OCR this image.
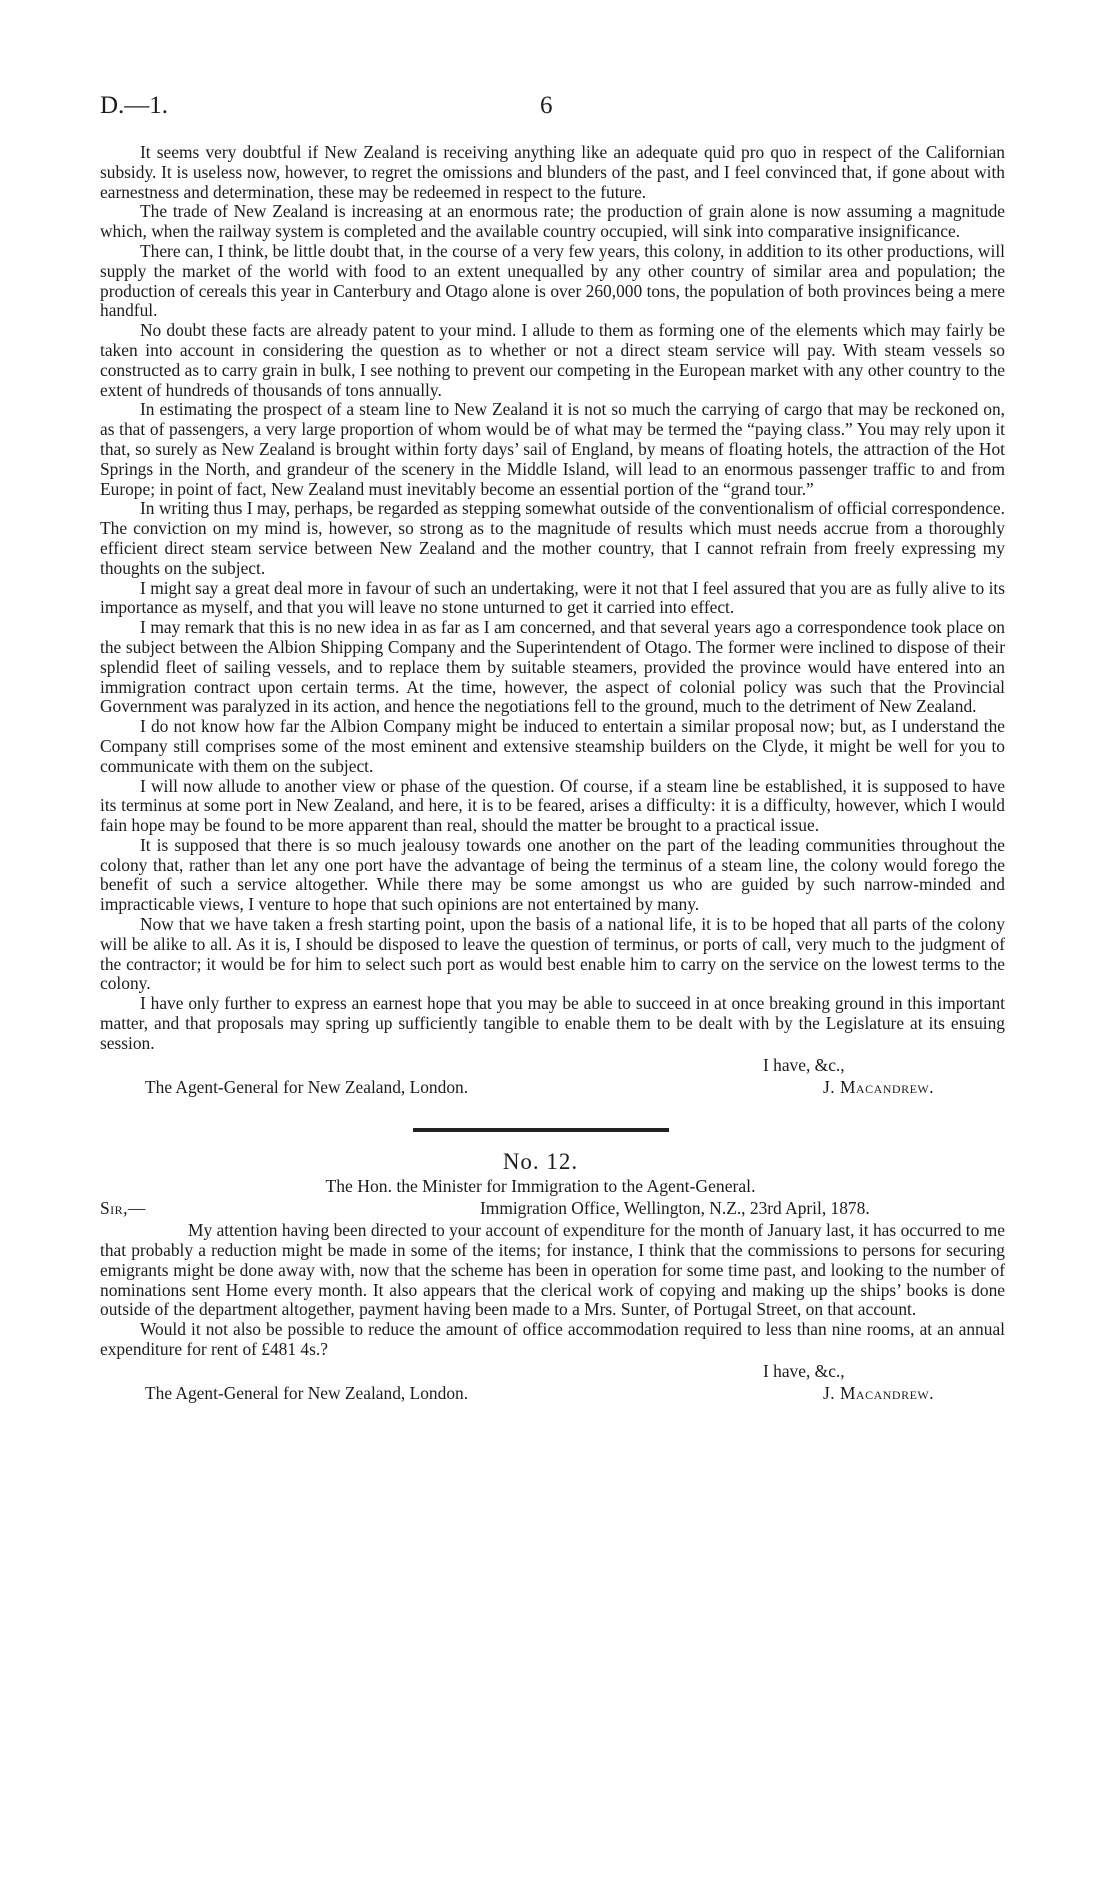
D.—1.	6

It seems very doubtful if New Zealand is receiving anything like an adequate quid pro quo in respect of the Californian subsidy. It is useless now, however, to regret the omissions and blunders of the past, and I feel convinced that, if gone about with earnestness and determination, these may be redeemed in respect to the future.

The trade of New Zealand is increasing at an enormous rate; the production of grain alone is now assuming a magnitude which, when the railway system is completed and the available country occupied, will sink into comparative insignificance.

There can, I think, be little doubt that, in the course of a very few years, this colony, in addition to its other productions, will supply the market of the world with food to an extent unequalled by any other country of similar area and population; the production of cereals this year in Canterbury and Otago alone is over 260,000 tons, the population of both provinces being a mere handful.

No doubt these facts are already patent to your mind. I allude to them as forming one of the elements which may fairly be taken into account in considering the question as to whether or not a direct steam service will pay. With steam vessels so constructed as to carry grain in bulk, I see nothing to prevent our competing in the European market with any other country to the extent of hundreds of thousands of tons annually.

In estimating the prospect of a steam line to New Zealand it is not so much the carrying of cargo that may be reckoned on, as that of passengers, a very large proportion of whom would be of what may be termed the “paying class.” You may rely upon it that, so surely as New Zealand is brought within forty days’ sail of England, by means of floating hotels, the attraction of the Hot Springs in the North, and grandeur of the scenery in the Middle Island, will lead to an enormous passenger traffic to and from Europe; in point of fact, New Zealand must inevitably become an essential portion of the “grand tour.”

In writing thus I may, perhaps, be regarded as stepping somewhat outside of the conventionalism of official correspondence. The conviction on my mind is, however, so strong as to the magnitude of results which must needs accrue from a thoroughly efficient direct steam service between New Zealand and the mother country, that I cannot refrain from freely expressing my thoughts on the subject.

I might say a great deal more in favour of such an undertaking, were it not that I feel assured that you are as fully alive to its importance as myself, and that you will leave no stone unturned to get it carried into effect.

I may remark that this is no new idea in as far as I am concerned, and that several years ago a correspondence took place on the subject between the Albion Shipping Company and the Superintendent of Otago. The former were inclined to dispose of their splendid fleet of sailing vessels, and to replace them by suitable steamers, provided the province would have entered into an immigration contract upon certain terms. At the time, however, the aspect of colonial policy was such that the Provincial Government was paralyzed in its action, and hence the negotiations fell to the ground, much to the detriment of New Zealand.

I do not know how far the Albion Company might be induced to entertain a similar proposal now; but, as I understand the Company still comprises some of the most eminent and extensive steamship builders on the Clyde, it might be well for you to communicate with them on the subject.

I will now allude to another view or phase of the question. Of course, if a steam line be established, it is supposed to have its terminus at some port in New Zealand, and here, it is to be feared, arises a difficulty: it is a difficulty, however, which I would fain hope may be found to be more apparent than real, should the matter be brought to a practical issue.

It is supposed that there is so much jealousy towards one another on the part of the leading communities throughout the colony that, rather than let any one port have the advantage of being the terminus of a steam line, the colony would forego the benefit of such a service altogether. While there may be some amongst us who are guided by such narrow-minded and impracticable views, I venture to hope that such opinions are not entertained by many.

Now that we have taken a fresh starting point, upon the basis of a national life, it is to be hoped that all parts of the colony will be alike to all. As it is, I should be disposed to leave the question of terminus, or ports of call, very much to the judgment of the contractor; it would be for him to select such port as would best enable him to carry on the service on the lowest terms to the colony.

I have only further to express an earnest hope that you may be able to succeed in at once breaking ground in this important matter, and that proposals may spring up sufficiently tangible to enable them to be dealt with by the Legislature at its ensuing session.

I have, &c.,
The Agent-General for New Zealand, London.	J. Macandrew.
No. 12.
The Hon. the Minister for Immigration to the Agent-General.
Sir,—	Immigration Office, Wellington, N.Z., 23rd April, 1878.

My attention having been directed to your account of expenditure for the month of January last, it has occurred to me that probably a reduction might be made in some of the items; for instance, I think that the commissions to persons for securing emigrants might be done away with, now that the scheme has been in operation for some time past, and looking to the number of nominations sent Home every month. It also appears that the clerical work of copying and making up the ships’ books is done outside of the department altogether, payment having been made to a Mrs. Sunter, of Portugal Street, on that account.

Would it not also be possible to reduce the amount of office accommodation required to less than nine rooms, at an annual expenditure for rent of £481 4s.?

I have, &c.,
The Agent-General for New Zealand, London.	J. Macandrew.
